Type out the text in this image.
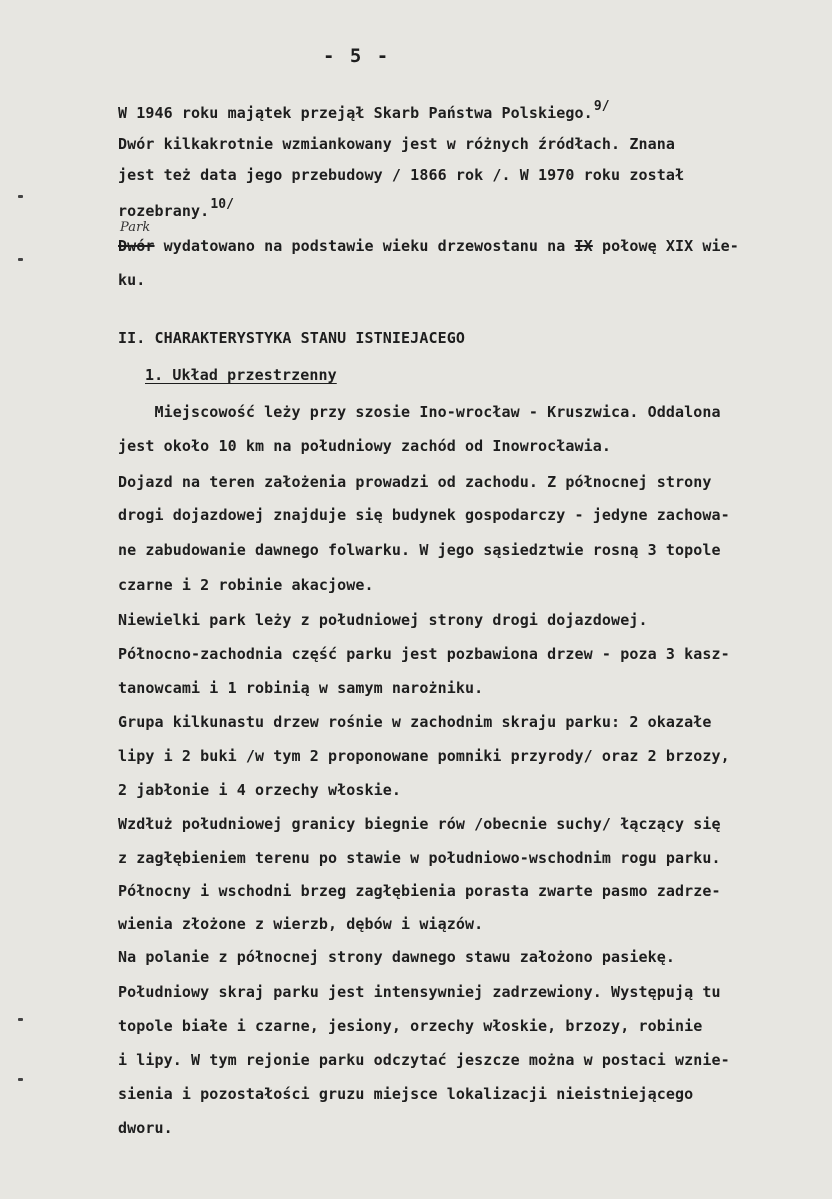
- 5 -
W 1946 roku majątek przejął Skarb Państwa Polskiego.9/
Dwór kilkakrotnie wzmiankowany jest w różnych źródłach. Znana
jest też data jego przebudowy / 1866 rok /. W 1970 roku został
rozebrany.10/
Park
Dwór wydatowano na podstawie wieku drzewostanu na IX połowę XIX wie-
ku.
II. CHARAKTERYSTYKA STANU ISTNIEJACEGO
1. Układ przestrzenny
Miejscowość leży przy szosie Ino-wrocław - Kruszwica. Oddalona
jest około 10 km na południowy zachód od Inowrocławia.
Dojazd na teren założenia prowadzi od zachodu. Z północnej strony
drogi dojazdowej znajduje się budynek gospodarczy - jedyne zachowa-
ne zabudowanie dawnego folwarku. W jego sąsiedztwie rosną 3 topole
czarne i 2 robinie akacjowe.
Niewielki park leży z południowej strony drogi dojazdowej.
Północno-zachodnia część parku jest pozbawiona drzew - poza 3 kasz-
tanowcami i 1 robinią w samym narożniku.
Grupa kilkunastu drzew rośnie w zachodnim skraju parku: 2 okazałe
lipy i 2 buki /w tym 2 proponowane pomniki przyrody/ oraz 2 brzozy,
2 jabłonie i 4 orzechy włoskie.
Wzdłuż południowej granicy biegnie rów /obecnie suchy/ łączący się
z zagłębieniem terenu po stawie w południowo-wschodnim rogu parku.
Północny i wschodni brzeg zagłębienia porasta zwarte pasmo zadrze-
wienia złożone z wierzb, dębów i wiązów.
Na polanie z północnej strony dawnego stawu założono pasiekę.
Południowy skraj parku jest intensywniej zadrzewiony. Występują tu
topole białe i czarne, jesiony, orzechy włoskie, brzozy, robinie
i lipy. W tym rejonie parku odczytać jeszcze można w postaci wznie-
sienia i pozostałości gruzu miejsce lokalizacji nieistniejącego
dworu.
